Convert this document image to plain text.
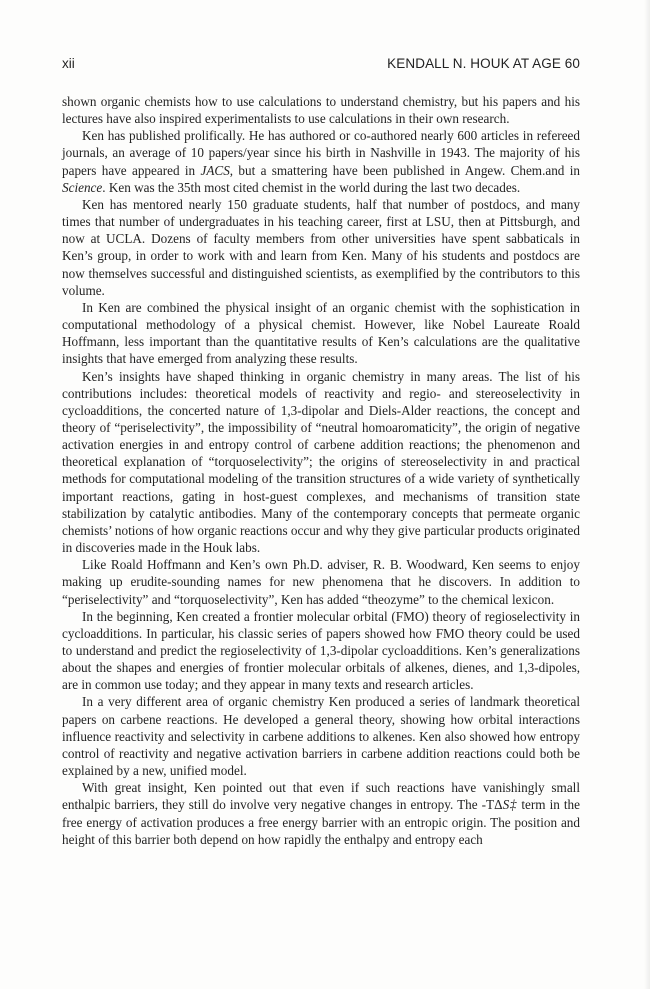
xii	KENDALL N. HOUK AT AGE 60

shown organic chemists how to use calculations to understand chemistry, but his papers and his lectures have also inspired experimentalists to use calculations in their own research.

Ken has published prolifically. He has authored or co-authored nearly 600 articles in refereed journals, an average of 10 papers/year since his birth in Nashville in 1943. The majority of his papers have appeared in JACS, but a smattering have been published in Angew. Chem.and in Science. Ken was the 35th most cited chemist in the world during the last two decades.

Ken has mentored nearly 150 graduate students, half that number of postdocs, and many times that number of undergraduates in his teaching career, first at LSU, then at Pittsburgh, and now at UCLA. Dozens of faculty members from other universities have spent sabbaticals in Ken’s group, in order to work with and learn from Ken. Many of his students and postdocs are now themselves successful and distinguished scientists, as exemplified by the contributors to this volume.

In Ken are combined the physical insight of an organic chemist with the sophistication in computational methodology of a physical chemist. However, like Nobel Laureate Roald Hoffmann, less important than the quantitative results of Ken’s calculations are the qualitative insights that have emerged from analyzing these results.

Ken’s insights have shaped thinking in organic chemistry in many areas. The list of his contributions includes: theoretical models of reactivity and regio- and stereoselectivity in cycloadditions, the concerted nature of 1,3-dipolar and Diels-Alder reactions, the concept and theory of “periselectivity”, the impossibility of “neutral homoaromaticity”, the origin of negative activation energies in and entropy control of carbene addition reactions; the phenomenon and theoretical explanation of “torquoselectivity”; the origins of stereoselectivity in and practical methods for computational modeling of the transition structures of a wide variety of synthetically important reactions, gating in host-guest complexes, and mechanisms of transition state stabilization by catalytic antibodies. Many of the contemporary concepts that permeate organic chemists’ notions of how organic reactions occur and why they give particular products originated in discoveries made in the Houk labs.

Like Roald Hoffmann and Ken’s own Ph.D. adviser, R. B. Woodward, Ken seems to enjoy making up erudite-sounding names for new phenomena that he discovers. In addition to “periselectivity” and “torquoselectivity”, Ken has added “theozyme” to the chemical lexicon.

In the beginning, Ken created a frontier molecular orbital (FMO) theory of regioselectivity in cycloadditions. In particular, his classic series of papers showed how FMO theory could be used to understand and predict the regioselectivity of 1,3-dipolar cycloadditions. Ken’s generalizations about the shapes and energies of frontier molecular orbitals of alkenes, dienes, and 1,3-dipoles, are in common use today; and they appear in many texts and research articles.

In a very different area of organic chemistry Ken produced a series of landmark theoretical papers on carbene reactions. He developed a general theory, showing how orbital interactions influence reactivity and selectivity in carbene additions to alkenes. Ken also showed how entropy control of reactivity and negative activation barriers in carbene addition reactions could both be explained by a new, unified model.

With great insight, Ken pointed out that even if such reactions have vanishingly small enthalpic barriers, they still do involve very negative changes in entropy. The -TΔS‡ term in the free energy of activation produces a free energy barrier with an entropic origin. The position and height of this barrier both depend on how rapidly the enthalpy and entropy each
